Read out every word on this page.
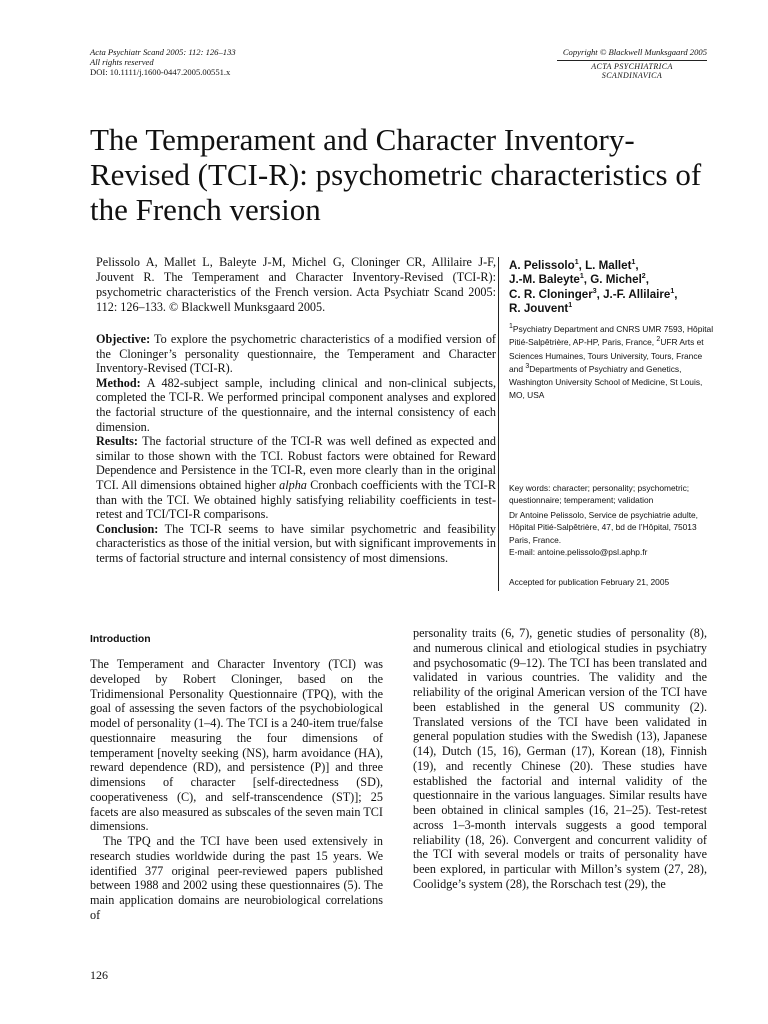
Acta Psychiatr Scand 2005: 112: 126–133
All rights reserved
DOI: 10.1111/j.1600-0447.2005.00551.x
Copyright © Blackwell Munksgaard 2005
ACTA PSYCHIATRICA
SCANDINAVICA
The Temperament and Character Inventory-Revised (TCI-R): psychometric characteristics of the French version
Pelissolo A, Mallet L, Baleyte J-M, Michel G, Cloninger CR, Allilaire J-F, Jouvent R. The Temperament and Character Inventory-Revised (TCI-R): psychometric characteristics of the French version. Acta Psychiatr Scand 2005: 112: 126–133. © Blackwell Munksgaard 2005.

Objective: To explore the psychometric characteristics of a modified version of the Cloninger’s personality questionnaire, the Temperament and Character Inventory-Revised (TCI-R).

Method: A 482-subject sample, including clinical and non-clinical subjects, completed the TCI-R. We performed principal component analyses and explored the factorial structure of the questionnaire, and the internal consistency of each dimension.

Results: The factorial structure of the TCI-R was well defined as expected and similar to those shown with the TCI. Robust factors were obtained for Reward Dependence and Persistence in the TCI-R, even more clearly than in the original TCI. All dimensions obtained higher alpha Cronbach coefficients with the TCI-R than with the TCI. We obtained highly satisfying reliability coefficients in test-retest and TCI/TCI-R comparisons.

Conclusion: The TCI-R seems to have similar psychometric and feasibility characteristics as those of the initial version, but with significant improvements in terms of factorial structure and internal consistency of most dimensions.

A. Pelissolo$^1$, L. Mallet$^1$,
J.-M. Baleyte$^1$, G. Michel$^2$,
C. R. Cloninger$^3$, J.-F. Allilaire$^1$,
R. Jouvent$^1$
$^1$Psychiatry Department and CNRS UMR 7593, Hôpital Pitié-Salpêtrière, AP-HP, Paris, France, $^2$UFR Arts et Sciences Humaines, Tours University, Tours, France and $^3$Departments of Psychiatry and Genetics, Washington University School of Medicine, St Louis, MO, USA
Key words: character; personality; psychometric; questionnaire; temperament; validation
Dr Antoine Pelissolo, Service de psychiatrie adulte, Hôpital Pitié-Salpêtrière, 47, bd de l’Hôpital, 75013 Paris, France.
E-mail: antoine.pelissolo@psl.aphp.fr
Accepted for publication February 21, 2005
Introduction

The Temperament and Character Inventory (TCI) was developed by Robert Cloninger, based on the Tridimensional Personality Questionnaire (TPQ), with the goal of assessing the seven factors of the psychobiological model of personality (1–4). The TCI is a 240-item true/false questionnaire measuring the four dimensions of temperament [novelty seeking (NS), harm avoidance (HA), reward dependence (RD), and persistence (P)] and three dimensions of character [self-directedness (SD), cooperativeness (C), and self-transcendence (ST)]; 25 facets are also measured as subscales of the seven main TCI dimensions.

The TPQ and the TCI have been used extensively in research studies worldwide during the past 15 years. We identified 377 original peer-reviewed papers published between 1988 and 2002 using these questionnaires (5). The main application domains are neurobiological correlations of

personality traits (6, 7), genetic studies of personality (8), and numerous clinical and etiological studies in psychiatry and psychosomatic (9–12). The TCI has been translated and validated in various countries. The validity and the reliability of the original American version of the TCI have been established in the general US community (2). Translated versions of the TCI have been validated in general population studies with the Swedish (13), Japanese (14), Dutch (15, 16), German (17), Korean (18), Finnish (19), and recently Chinese (20). These studies have established the factorial and internal validity of the questionnaire in the various languages. Similar results have been obtained in clinical samples (16, 21–25). Test-retest across 1–3-month intervals suggests a good temporal reliability (18, 26). Convergent and concurrent validity of the TCI with several models or traits of personality have been explored, in particular with Millon’s system (27, 28), Coolidge’s system (28), the Rorschach test (29), the

126
